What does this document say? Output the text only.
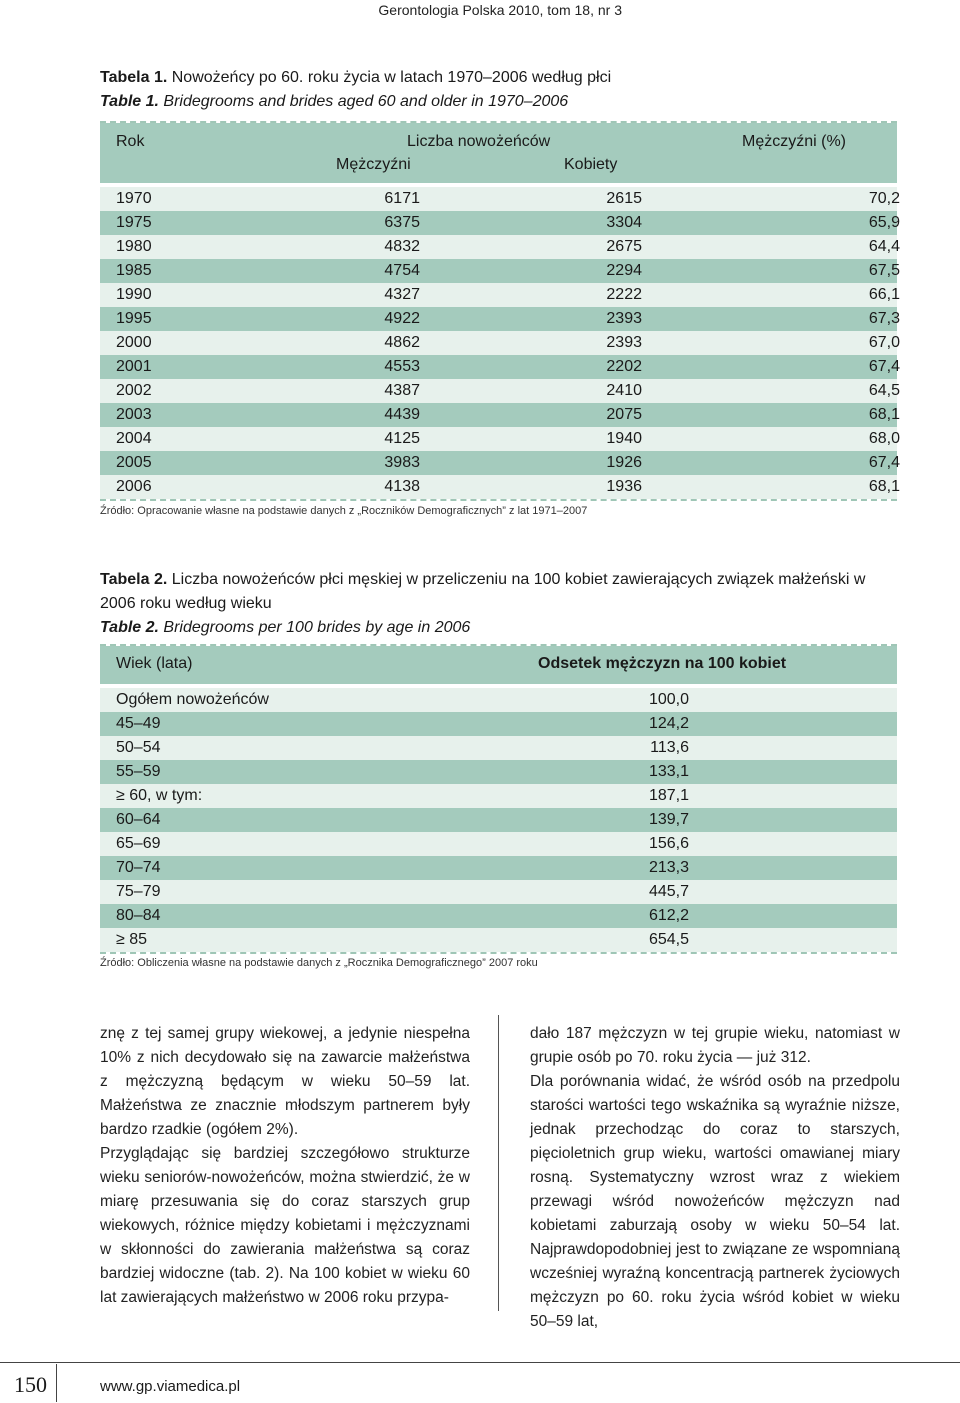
Gerontologia Polska 2010, tom 18, nr 3
Tabela 1. Nowożeńcy po 60. roku życia w latach 1970–2006 według płci
Table 1. Bridegrooms and brides aged 60 and older in 1970–2006
Rok	Liczba nowożeńców	Mężczyźni (%)
Mężczyźni	Kobiety
1970	6171	2615	70,2
1975	6375	3304	65,9
1980	4832	2675	64,4
1985	4754	2294	67,5
1990	4327	2222	66,1
1995	4922	2393	67,3
2000	4862	2393	67,0
2001	4553	2202	67,4
2002	4387	2410	64,5
2003	4439	2075	68,1
2004	4125	1940	68,0
2005	3983	1926	67,4
2006	4138	1936	68,1
Źródło: Opracowanie własne na podstawie danych z „Roczników Demograficznych” z lat 1971–2007
Tabela 2. Liczba nowożeńców płci męskiej w przeliczeniu na 100 kobiet zawierających związek małżeński w 2006 roku według wieku
Table 2. Bridegrooms per 100 brides by age in 2006
Wiek (lata)	Odsetek mężczyzn na 100 kobiet
Ogółem nowożeńców	100,0
45–49	124,2
50–54	113,6
55–59	133,1
≥ 60, w tym:	187,1
60–64	139,7
65–69	156,6
70–74	213,3
75–79	445,7
80–84	612,2
≥ 85	654,5
Źródło: Obliczenia własne na podstawie danych z „Rocznika Demograficznego” 2007 roku

znę z tej samej grupy wiekowej, a jedynie niespełna 10% z nich decydowało się na zawarcie małżeństwa z mężczyzną będącym w wieku 50–59 lat. Małżeństwa ze znacznie młodszym partnerem były bardzo rzadkie (ogółem 2%).

Przyglądając się bardziej szczegółowo strukturze wieku seniorów-nowożeńców, można stwierdzić, że w miarę przesuwania się do coraz starszych grup wiekowych, różnice między kobietami i mężczyznami w skłonności do zawierania małżeństwa są coraz bardziej widoczne (tab. 2). Na 100 kobiet w wieku 60 lat zawierających małżeństwo w 2006 roku przypa-

dało 187 mężczyzn w tej grupie wieku, natomiast w grupie osób po 70. roku życia — już 312.

Dla porównania widać, że wśród osób na przedpolu starości wartości tego wskaźnika są wyraźnie niższe, jednak przechodząc do coraz to starszych, pięcioletnich grup wieku, wartości omawianej miary rosną. Systematyczny wzrost wraz z wiekiem przewagi wśród nowożeńców mężczyzn nad kobietami zaburzają osoby w wieku 50–54 lat. Najprawdopodobniej jest to związane ze wspomnianą wcześniej wyraźną koncentracją partnerek życiowych mężczyzn po 60. roku życia wśród kobiet w wieku 50–59 lat,

150	www.gp.viamedica.pl
